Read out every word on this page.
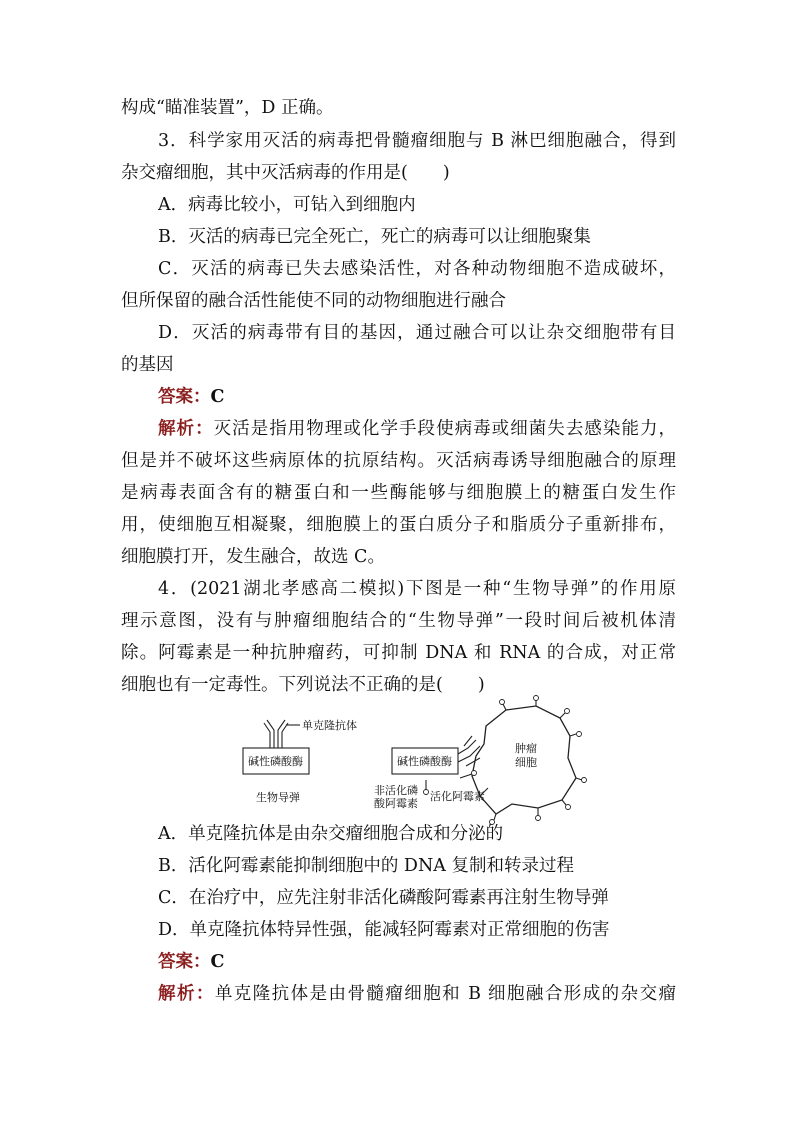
构成“瞄准装置”，D 正确。
3．科学家用灭活的病毒把骨髓瘤细胞与 B 淋巴细胞融合，得到
杂交瘤细胞，其中灭活病毒的作用是(　　)
A．病毒比较小，可钻入到细胞内
B．灭活的病毒已完全死亡，死亡的病毒可以让细胞聚集
C．灭活的病毒已失去感染活性，对各种动物细胞不造成破坏，
但所保留的融合活性能使不同的动物细胞进行融合
D．灭活的病毒带有目的基因，通过融合可以让杂交细胞带有目
的基因
答案：C
解析：灭活是指用物理或化学手段使病毒或细菌失去感染能力，
但是并不破坏这些病原体的抗原结构。灭活病毒诱导细胞融合的原理
是病毒表面含有的糖蛋白和一些酶能够与细胞膜上的糖蛋白发生作
用，使细胞互相凝聚，细胞膜上的蛋白质分子和脂质分子重新排布，
细胞膜打开，发生融合，故选 C。
4．(2021湖北孝感高二模拟)下图是一种“生物导弹”的作用原
理示意图，没有与肿瘤细胞结合的“生物导弹”一段时间后被机体清
除。阿霉素是一种抗肿瘤药，可抑制 DNA 和 RNA 的合成，对正常
细胞也有一定毒性。下列说法不正确的是(　　)
单克隆抗体
碱性磷酸酶
生物导弹
碱性磷酸酶
非活化磷
酸阿霉素
活化阿霉素
肿瘤
细胞
A．单克隆抗体是由杂交瘤细胞合成和分泌的
B．活化阿霉素能抑制细胞中的 DNA 复制和转录过程
C．在治疗中，应先注射非活化磷酸阿霉素再注射生物导弹
D．单克隆抗体特异性强，能减轻阿霉素对正常细胞的伤害
答案：C
解析：单克隆抗体是由骨髓瘤细胞和 B 细胞融合形成的杂交瘤
